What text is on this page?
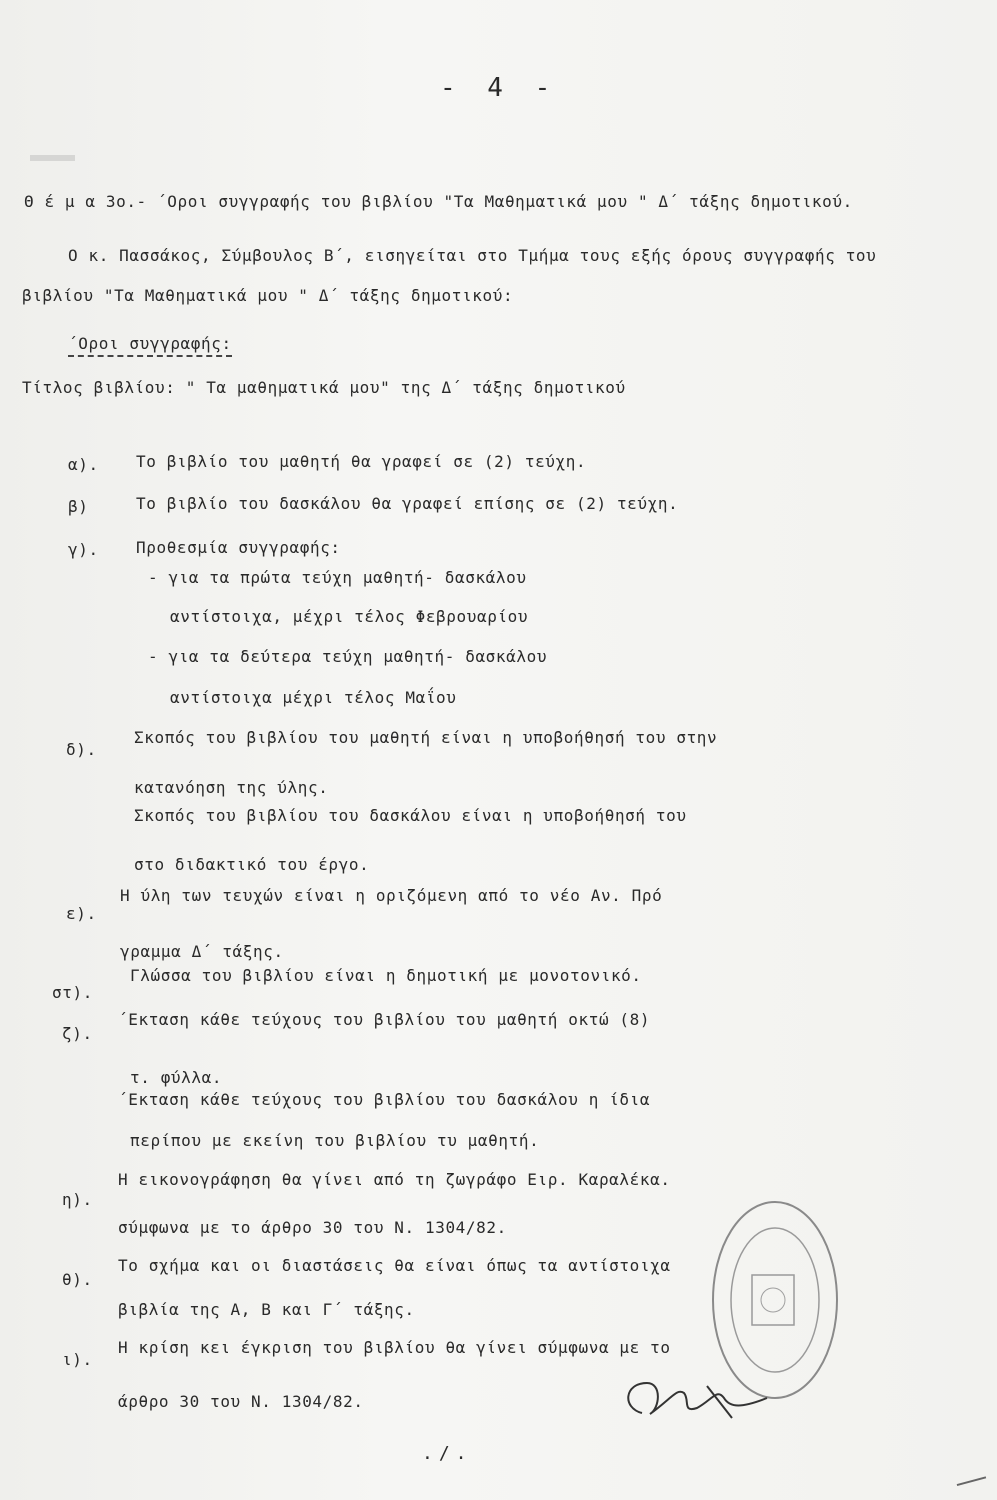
- 4 -
Θ έ μ α 3ο.- ΄Οροι συγγραφής του βιβλίου "Τα Μαθηματικά μου " Δ΄ τάξης δημοτικού.
Ο κ. Πασσάκος, Σύμβουλος Β΄, εισηγείται στο Τμήμα τους εξής όρους συγγραφής του
βιβλίου "Τα Μαθηματικά μου " Δ΄ τάξης δημοτικού:
΄Οροι συγγραφής:
Τίτλος βιβλίου: " Τα μαθηματικά μου" της Δ΄ τάξης δημοτικού
α). Το βιβλίο του μαθητή θα γραφεί σε (2) τεύχη.
β)	Το βιβλίο του δασκάλου θα γραφεί επίσης σε (2) τεύχη.
γ). Προθεσμία συγγραφής:
- για τα πρώτα τεύχη μαθητή- δασκάλου
αντίστοιχα, μέχρι τέλος Φεβρουαρίου
- για τα δεύτερα τεύχη μαθητή- δασκάλου
αντίστοιχα μέχρι τέλος Μαΐου
δ).
Σκοπός του βιβλίου του μαθητή είναι η υποβοήθησή του στην
κατανόηση της ύλης.
Σκοπός του βιβλίου του δασκάλου είναι η υποβοήθησή του
στο διδακτικό του έργο.
ε).
Η ύλη των τευχών είναι η οριζόμενη από το νέο Αν. Πρό
γραμμα Δ΄ τάξης.
στ).
Γλώσσα του βιβλίου είναι η δημοτική με μονοτονικό.
ζ).
΄Εκταση κάθε τεύχους του βιβλίου του μαθητή οκτώ (8)
τ. φύλλα.
΄Εκταση κάθε τεύχους του βιβλίου του δασκάλου η ίδια
περίπου με εκείνη του βιβλίου τυ μαθητή.
η).
Η εικονογράφηση θα γίνει από τη ζωγράφο Ειρ. Καραλέκα.
σύμφωνα με το άρθρο 30 του Ν. 1304/82.
θ).
Το σχήμα και οι διαστάσεις θα είναι όπως τα αντίστοιχα
βιβλία της Α, Β και Γ΄ τάξης.
ι).
Η κρίση κει έγκριση του βιβλίου θα γίνει σύμφωνα με το
άρθρο 30 του Ν. 1304/82.
./.
